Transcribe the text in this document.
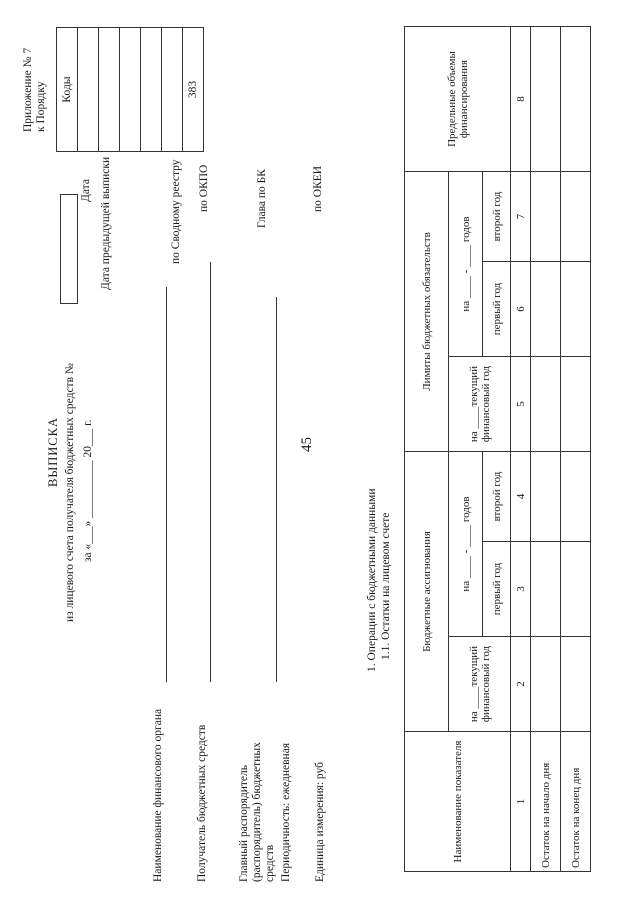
45
Приложение № 7 к Порядку
ВЫПИСКА из лицевого счета получателя бюджетных средств № за «___» __________ 20___ г.
Коды

383
Дата Дата предыдущей выписки	по Сводному реестру по ОКПО	Глава по БК	по ОКЕИ
Наименование финансового органа	Получатель бюджетных средств	Главный распорядитель (распорядитель) бюджетных средств Периодичность: ежедневная Единица измерения: руб
1. Операции с бюджетными данными 1.1. Остатки на лицевом счете
Наименование показателя	Бюджетные ассигнования			Лимиты бюджетных обязательств			Предельные объемы финансирования
	на ____текущий финансовый год	на ____ - ____ годов		на ____текущий финансовый год	на ____ - ____ годов		
		первый год	второй год		первый год	второй год	
1	2	3	4	5	6	7	8
Остаток на начало дня							
Остаток на конец дня							
